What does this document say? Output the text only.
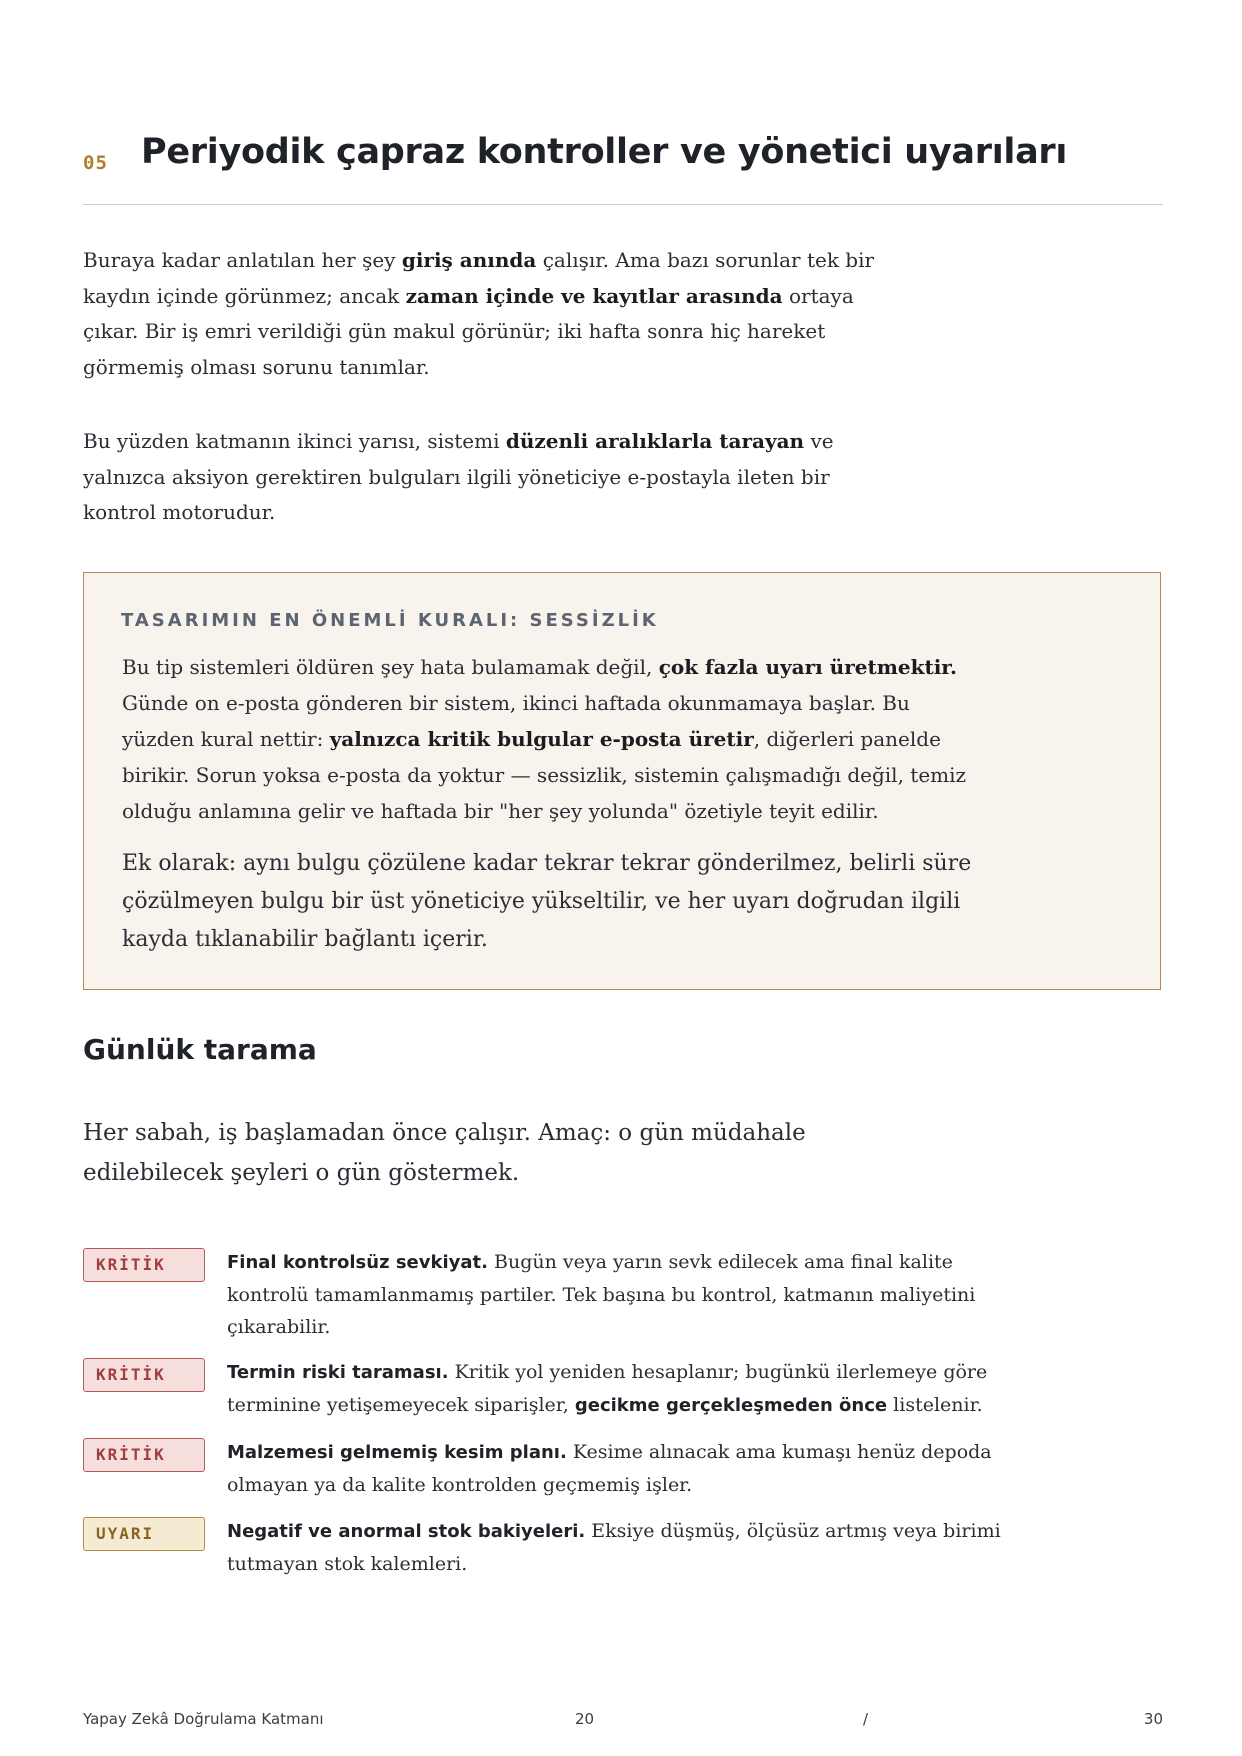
05 Periyodik çapraz kontroller ve yönetici uyarıları

Buraya kadar anlatılan her şey giriş anında çalışır. Ama bazı sorunlar tek bir kaydın içinde görünmez; ancak zaman içinde ve kayıtlar arasında ortaya çıkar. Bir iş emri verildiği gün makul görünür; iki hafta sonra hiç hareket görmemiş olması sorunu tanımlar.

Bu yüzden katmanın ikinci yarısı, sistemi düzenli aralıklarla tarayan ve yalnızca aksiyon gerektiren bulguları ilgili yöneticiye e-postayla ileten bir kontrol motorudur.

TASARIMIN EN ÖNEMLİ KURALI: SESSİZLİK

Bu tip sistemleri öldüren şey hata bulamamak değil, çok fazla uyarı üretmektir. Günde on e-posta gönderen bir sistem, ikinci haftada okunmamaya başlar. Bu yüzden kural nettir: yalnızca kritik bulgular e-posta üretir, diğerleri panelde birikir. Sorun yoksa e-posta da yoktur — sessizlik, sistemin çalışmadığı değil, temiz olduğu anlamına gelir ve haftada bir "her şey yolunda" özetiyle teyit edilir.

Ek olarak: aynı bulgu çözülene kadar tekrar tekrar gönderilmez, belirli süre çözülmeyen bulgu bir üst yöneticiye yükseltilir, ve her uyarı doğrudan ilgili kayda tıklanabilir bağlantı içerir.

Günlük tarama

Her sabah, iş başlamadan önce çalışır. Amaç: o gün müdahale edilebilecek şeyleri o gün göstermek.

KRİTİK	Final kontrolsüz sevkiyat. Bugün veya yarın sevk edilecek ama final kalite kontrolü tamamlanmamış partiler. Tek başına bu kontrol, katmanın maliyetini çıkarabilir.

KRİTİK	Termin riski taraması. Kritik yol yeniden hesaplanır; bugünkü ilerlemeye göre terminine yetişemeyecek siparişler, gecikme gerçekleşmeden önce listelenir.

KRİTİK	Malzemesi gelmemiş kesim planı. Kesime alınacak ama kumaşı henüz depoda olmayan ya da kalite kontrolden geçmemiş işler.

UYARI	Negatif ve anormal stok bakiyeleri. Eksiye düşmüş, ölçüsüz artmış veya birimi tutmayan stok kalemleri.

Yapay Zekâ Doğrulama Katmanı	20	/	30
